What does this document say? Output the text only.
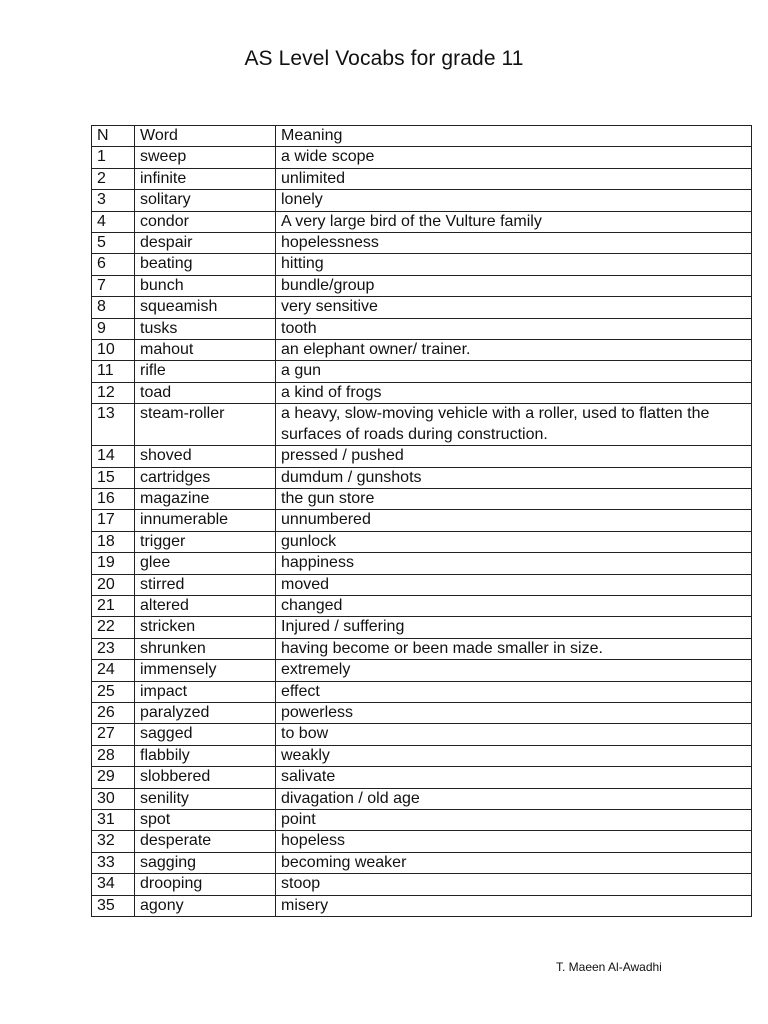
AS Level Vocabs for grade 11
N	Word	Meaning
1	sweep	a wide scope
2	infinite	unlimited
3	solitary	lonely
4	condor	A very large bird of the Vulture family
5	despair	hopelessness
6	beating	hitting
7	bunch	bundle/group
8	squeamish	very sensitive
9	tusks	tooth
10	mahout	an elephant owner/ trainer.
11	rifle	a gun
12	toad	a kind of frogs
13	steam-roller	a heavy, slow-moving vehicle with a roller, used to flatten the surfaces of roads during construction.
14	shoved	pressed / pushed
15	cartridges	dumdum / gunshots
16	magazine	the gun store
17	innumerable	unnumbered
18	trigger	gunlock
19	glee	happiness
20	stirred	moved
21	altered	changed
22	stricken	Injured / suffering
23	shrunken	having become or been made smaller in size.
24	immensely	extremely
25	impact	effect
26	paralyzed	powerless
27	sagged	to bow
28	flabbily	weakly
29	slobbered	salivate
30	senility	divagation / old age
31	spot	point
32	desperate	hopeless
33	sagging	becoming weaker
34	drooping	stoop
35	agony	misery
T. Maeen Al-Awadhi
